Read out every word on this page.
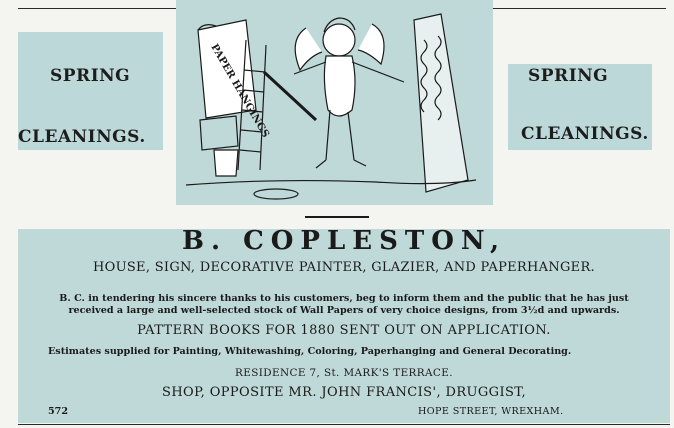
SPRING
CLEANINGS.
SPRING
CLEANINGS.
PAPER HANGINGS
B. COPLESTON,
HOUSE, SIGN, DECORATIVE PAINTER, GLAZIER, AND PAPERHANGER.
B. C. in tendering his sincere thanks to his customers, beg to inform them and the public that he has just
received a large and well-selected stock of Wall Papers of very choice designs, from 3½d and upwards.
PATTERN BOOKS FOR 1880 SENT OUT ON APPLICATION.
Estimates supplied for Painting, Whitewashing, Coloring, Paperhanging and General Decorating.
RESIDENCE 7, St. MARK'S TERRACE.
SHOP, OPPOSITE MR. JOHN FRANCIS', DRUGGIST,
572	HOPE STREET, WREXHAM.
